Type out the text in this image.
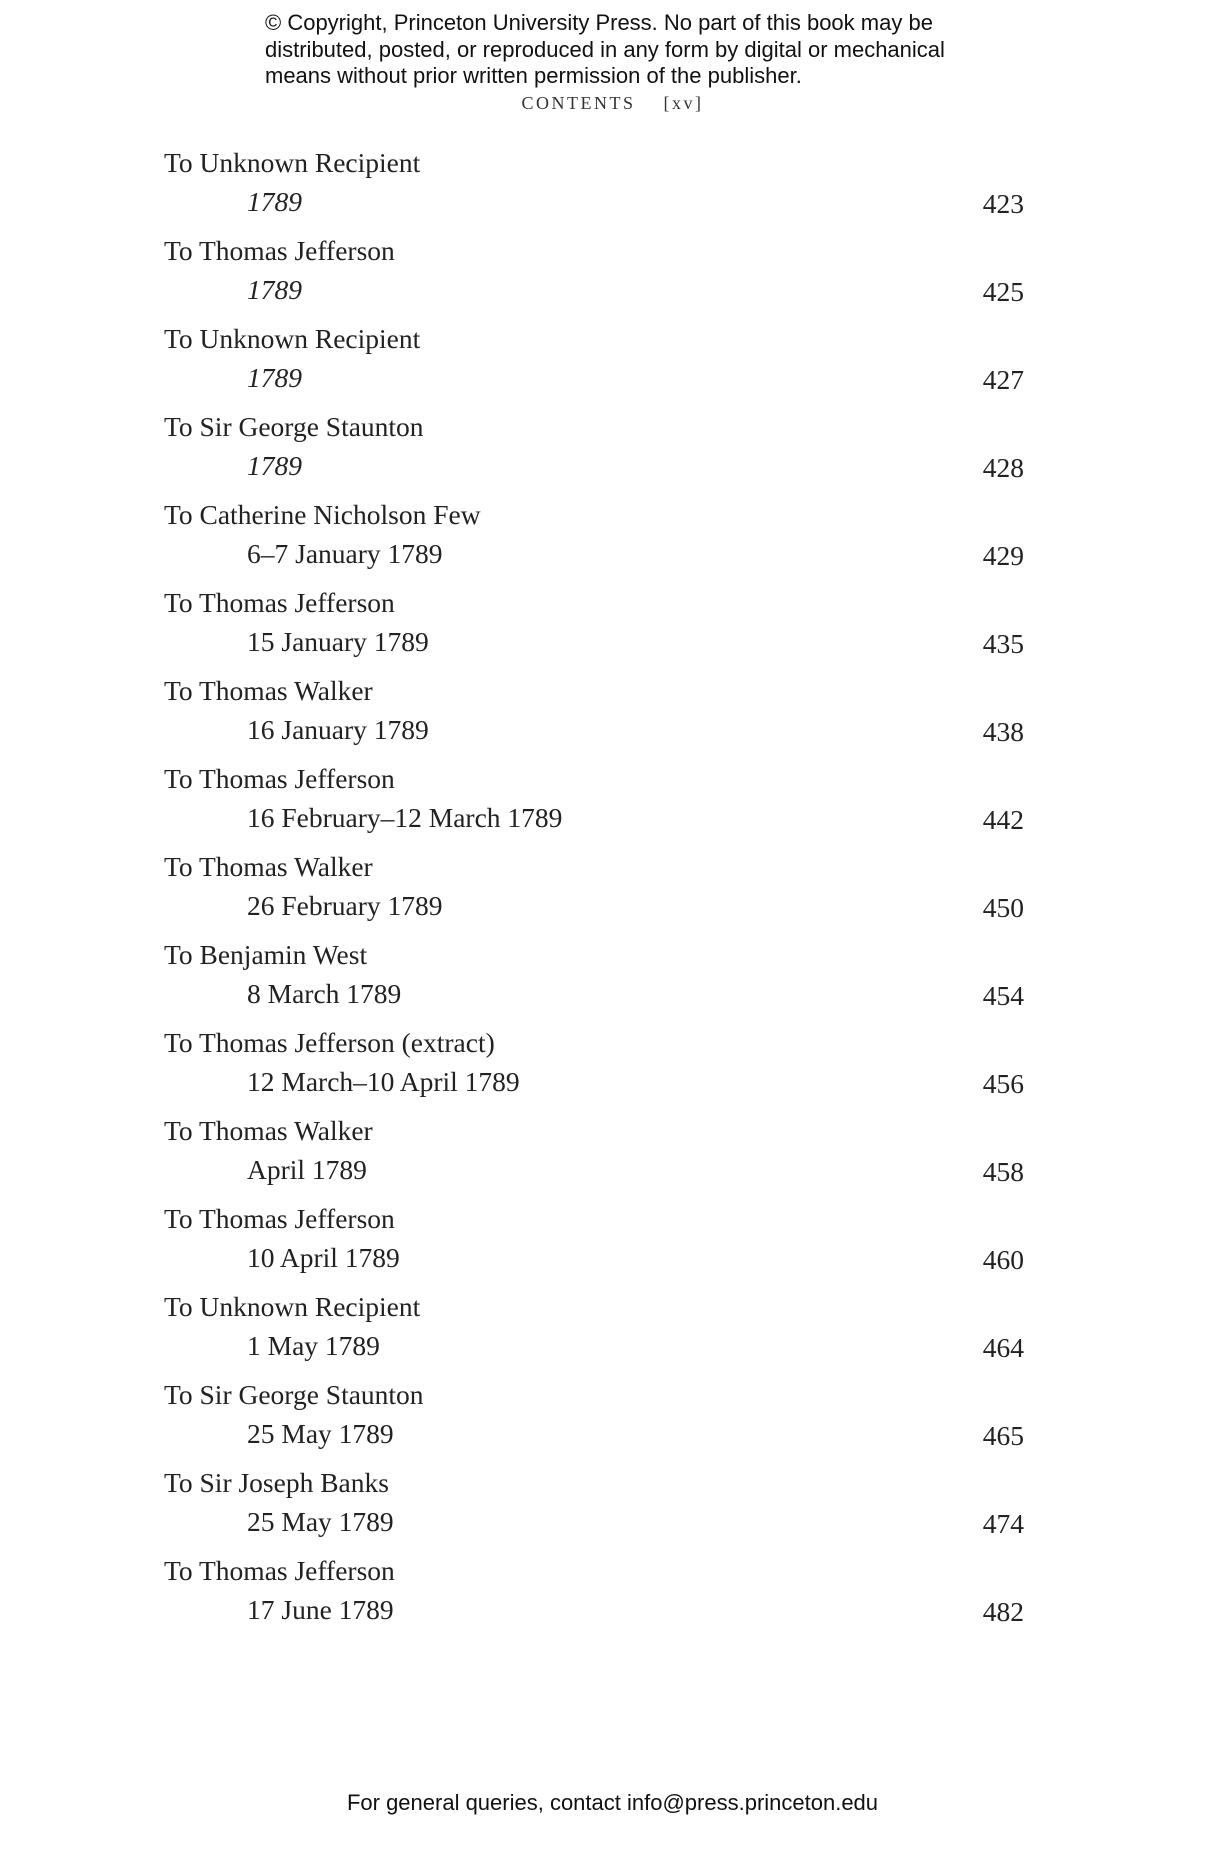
© Copyright, Princeton University Press. No part of this book may be
distributed, posted, or reproduced in any form by digital or mechanical
means without prior written permission of the publisher.
CONTENTS [xv]
To Unknown Recipient
1789	423
To Thomas Jefferson
1789	425
To Unknown Recipient
1789	427
To Sir George Staunton
1789	428
To Catherine Nicholson Few
6–7 January 1789	429
To Thomas Jefferson
15 January 1789	435
To Thomas Walker
16 January 1789	438
To Thomas Jefferson
16 February–12 March 1789	442
To Thomas Walker
26 February 1789	450
To Benjamin West
8 March 1789	454
To Thomas Jefferson (extract)
12 March–10 April 1789	456
To Thomas Walker
April 1789	458
To Thomas Jefferson
10 April 1789	460
To Unknown Recipient
1 May 1789	464
To Sir George Staunton
25 May 1789	465
To Sir Joseph Banks
25 May 1789	474
To Thomas Jefferson
17 June 1789	482
For general queries, contact info@press.princeton.edu
